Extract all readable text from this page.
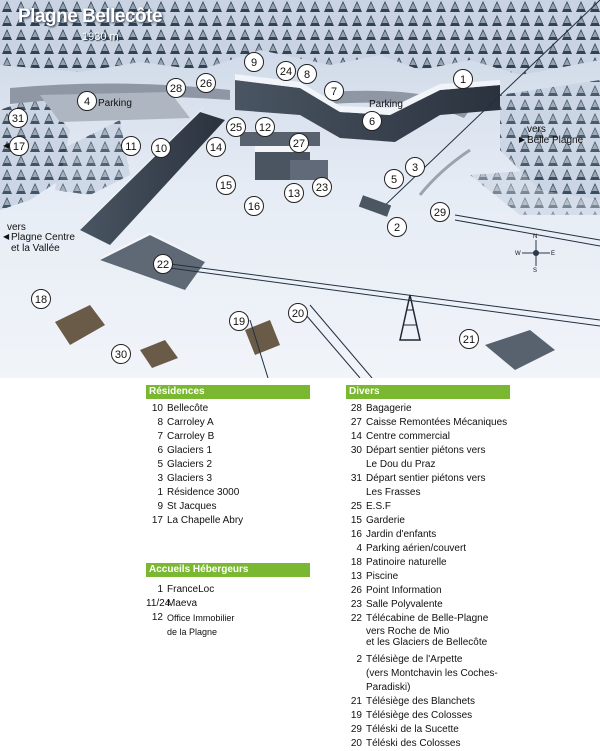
Plagne Bellecôte
1930 m
Parking	Parking
vers
▶ Belle Plagne
vers
◀ Plagne Centre
et la Vallée
◀
N
E
S
W
1
2
3
4
5
6
7
8
9
10
11
12
13
14
15
16
17
18
19
20
21
22
23
24
25
26
27
28
29
30
31
Résidences
10 Bellecôte
8 Carroley A
7 Carroley B
6 Glaciers 1
5 Glaciers 2
3 Glaciers 3
1 Résidence 3000
9 St Jacques
17 La Chapelle Abry
Accueils Hébergeurs
1 FranceLoc
11/24
Maeva
12 Office Immobilier
de la Plagne
Divers
28 Bagagerie
27 Caisse Remontées Mécaniques
14 Centre commercial
30 Départ sentier piétons vers
Le Dou du Praz
31 Départ sentier piétons vers
Les Frasses
25 E.S.F
15 Garderie
16 Jardin d'enfants
4 Parking aérien/couvert
18 Patinoire naturelle
13 Piscine
26 Point Information
23 Salle Polyvalente
22 Télécabine de Belle-Plagne
vers Roche de Mio
et les Glaciers de Bellecôte
2 Télésiège de l'Arpette
(vers Montchavin les Coches-
Paradiski)
21 Télésiège des Blanchets
19 Télésiège des Colosses
29 Téléski de la Sucette
20 Téléski des Colosses
